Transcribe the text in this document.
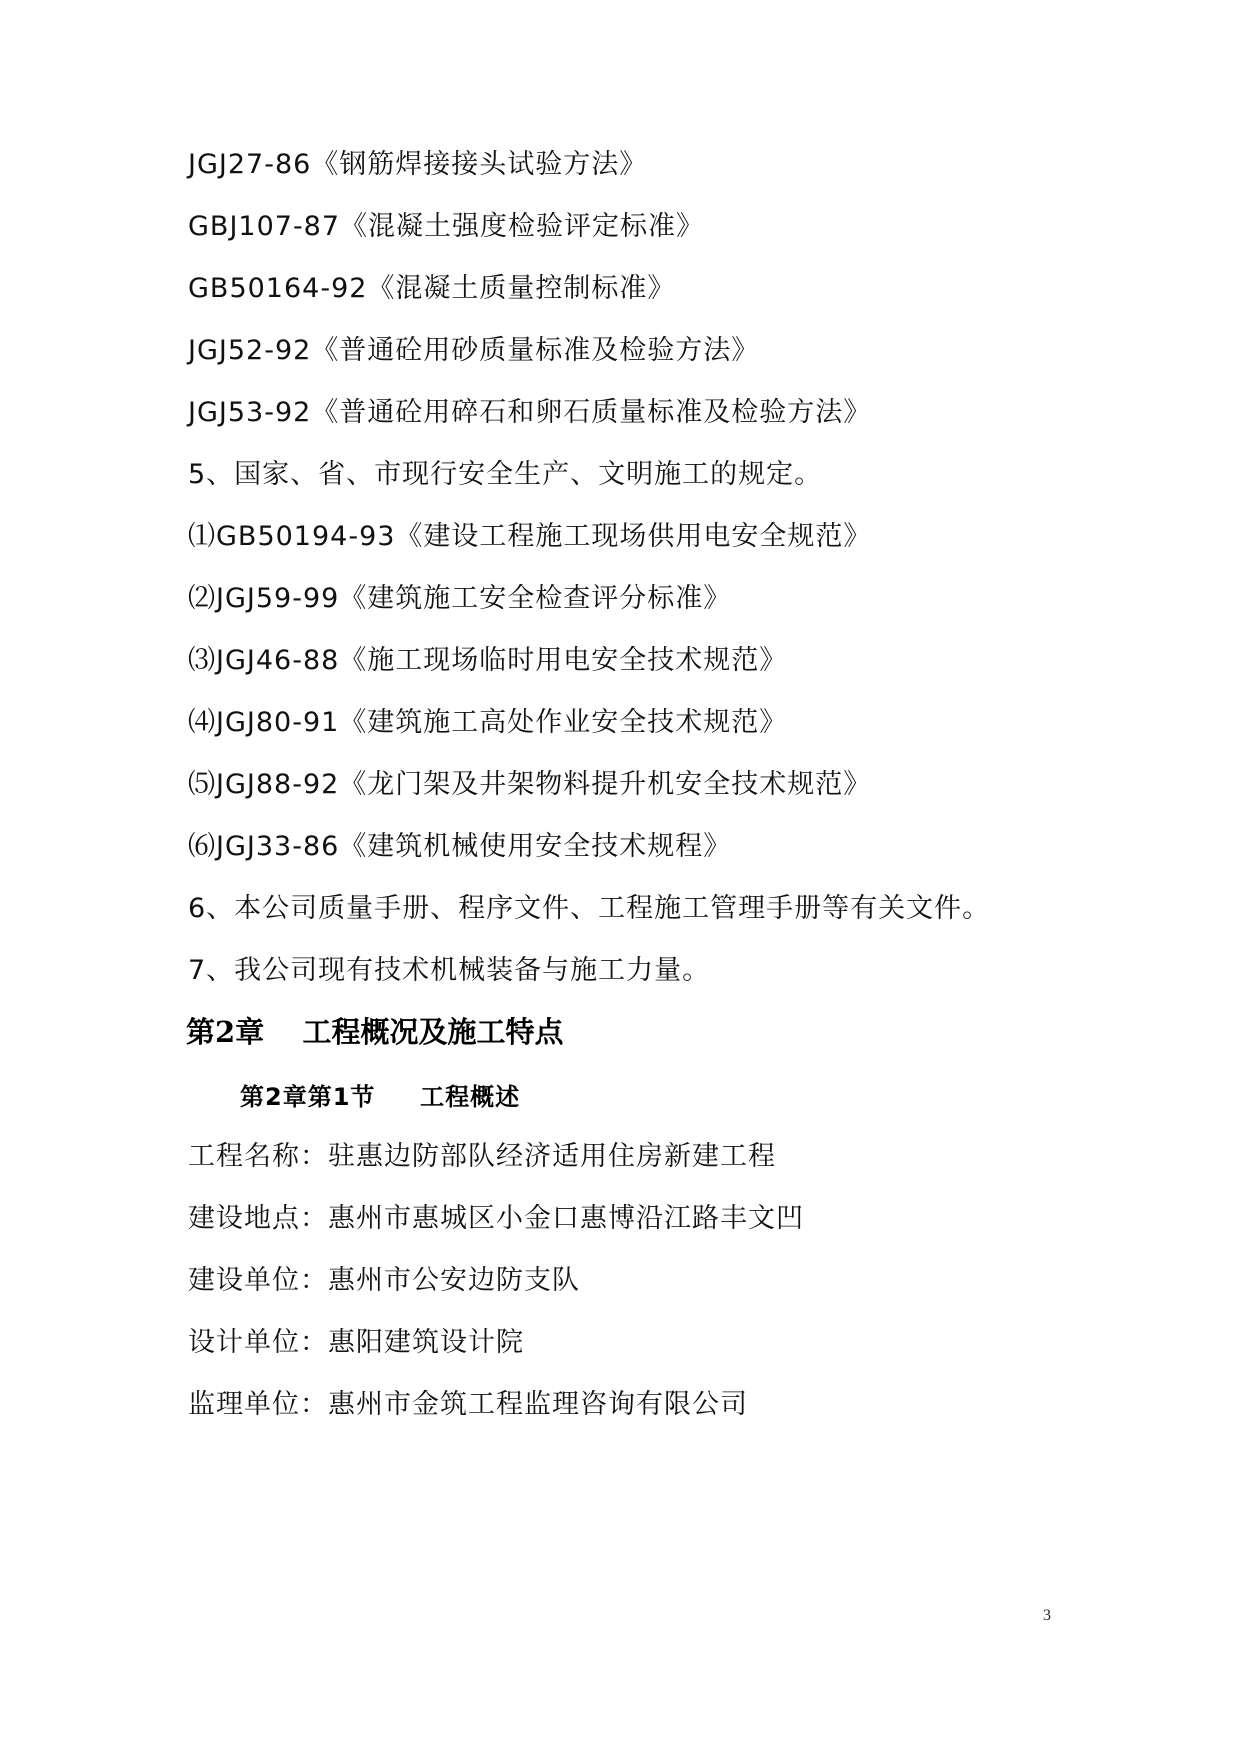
JGJ27-86《钢筋焊接接头试验方法》
GBJ107-87《混凝土强度检验评定标准》
GB50164-92《混凝土质量控制标准》
JGJ52-92《普通砼用砂质量标准及检验方法》
JGJ53-92《普通砼用碎石和卵石质量标准及检验方法》
5、国家、省、市现行安全生产、文明施工的规定。
⑴GB50194-93《建设工程施工现场供用电安全规范》
⑵JGJ59-99《建筑施工安全检查评分标准》
⑶JGJ46-88《施工现场临时用电安全技术规范》
⑷JGJ80-91《建筑施工高处作业安全技术规范》
⑸JGJ88-92《龙门架及井架物料提升机安全技术规范》
⑹JGJ33-86《建筑机械使用安全技术规程》
6、本公司质量手册、程序文件、工程施工管理手册等有关文件。
7、我公司现有技术机械装备与施工力量。
第2章 工程概况及施工特点
第2章第1节 工程概述
工程名称：驻惠边防部队经济适用住房新建工程
建设地点：惠州市惠城区小金口惠博沿江路丰文凹
建设单位：惠州市公安边防支队
设计单位：惠阳建筑设计院
监理单位：惠州市金筑工程监理咨询有限公司
3
